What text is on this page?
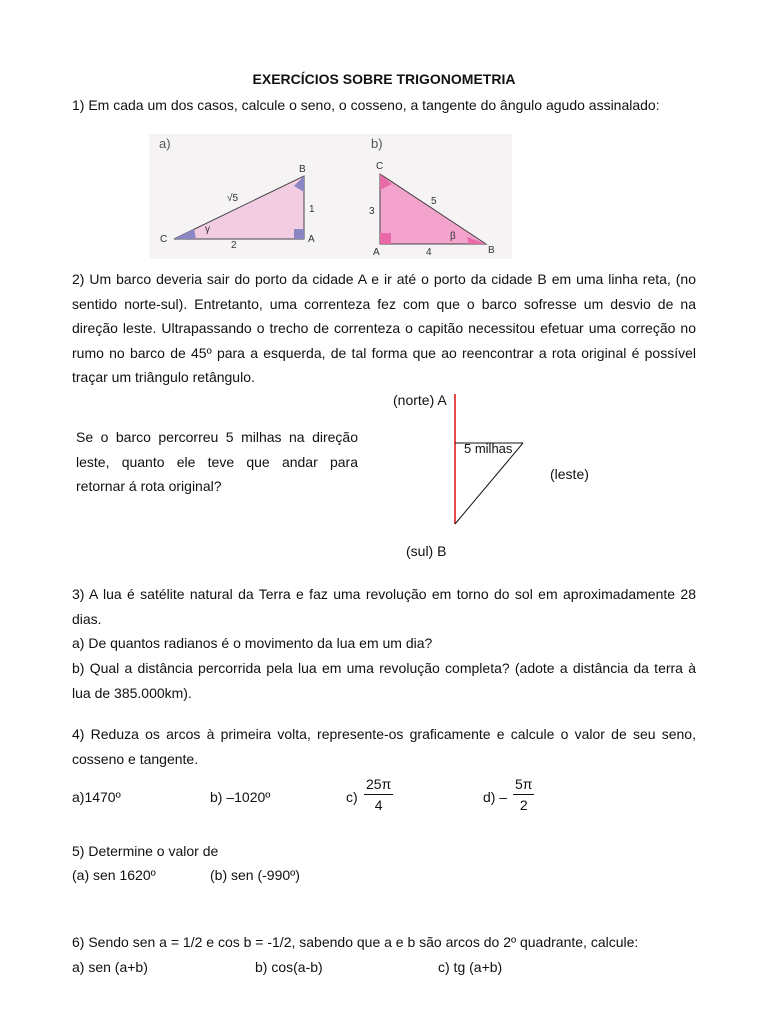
EXERCÍCIOS SOBRE TRIGONOMETRIA
1) Em cada um dos casos, calcule o seno, o cosseno, a tangente do ângulo agudo assinalado:
a)
B
C	A
√5
1
2
γ
b)
C
A	B
5
3
4
β
2) Um barco deveria sair do porto da cidade A e ir até o porto da cidade B em uma linha reta, (no sentido norte-sul). Entretanto, uma correnteza fez com que o barco sofresse um desvio de na direção leste. Ultrapassando o trecho de correnteza o capitão necessitou efetuar uma correção no rumo no barco de 45º para a esquerda, de tal forma que ao reencontrar a rota original é possível traçar um triângulo retângulo.
Se o barco percorreu 5 milhas na direção leste, quanto ele teve que andar para retornar á rota original?
(norte) A
(sul) B
(leste)
5 milhas
3) A lua é satélite natural da Terra e faz uma revolução em torno do sol em aproximadamente 28 dias.
a) De quantos radianos é o movimento da lua em um dia?
b) Qual a distância percorrida pela lua em uma revolução completa? (adote a distância da terra à lua de 385.000km).
4) Reduza os arcos à primeira volta, represente-os graficamente e calcule o valor de seu seno, cosseno e tangente.
a)1470º	b) –1020º	$c) \frac{25\pi}{4}$	$d) - \frac{5\pi}{2}$
5) Determine o valor de
(a) sen 1620º	(b) sen (-990º)
6) Sendo sen a = 1/2 e cos b = -1/2, sabendo que a e b são arcos do 2º quadrante, calcule:
a) sen (a+b)	b) cos(a-b)	c) tg (a+b)
